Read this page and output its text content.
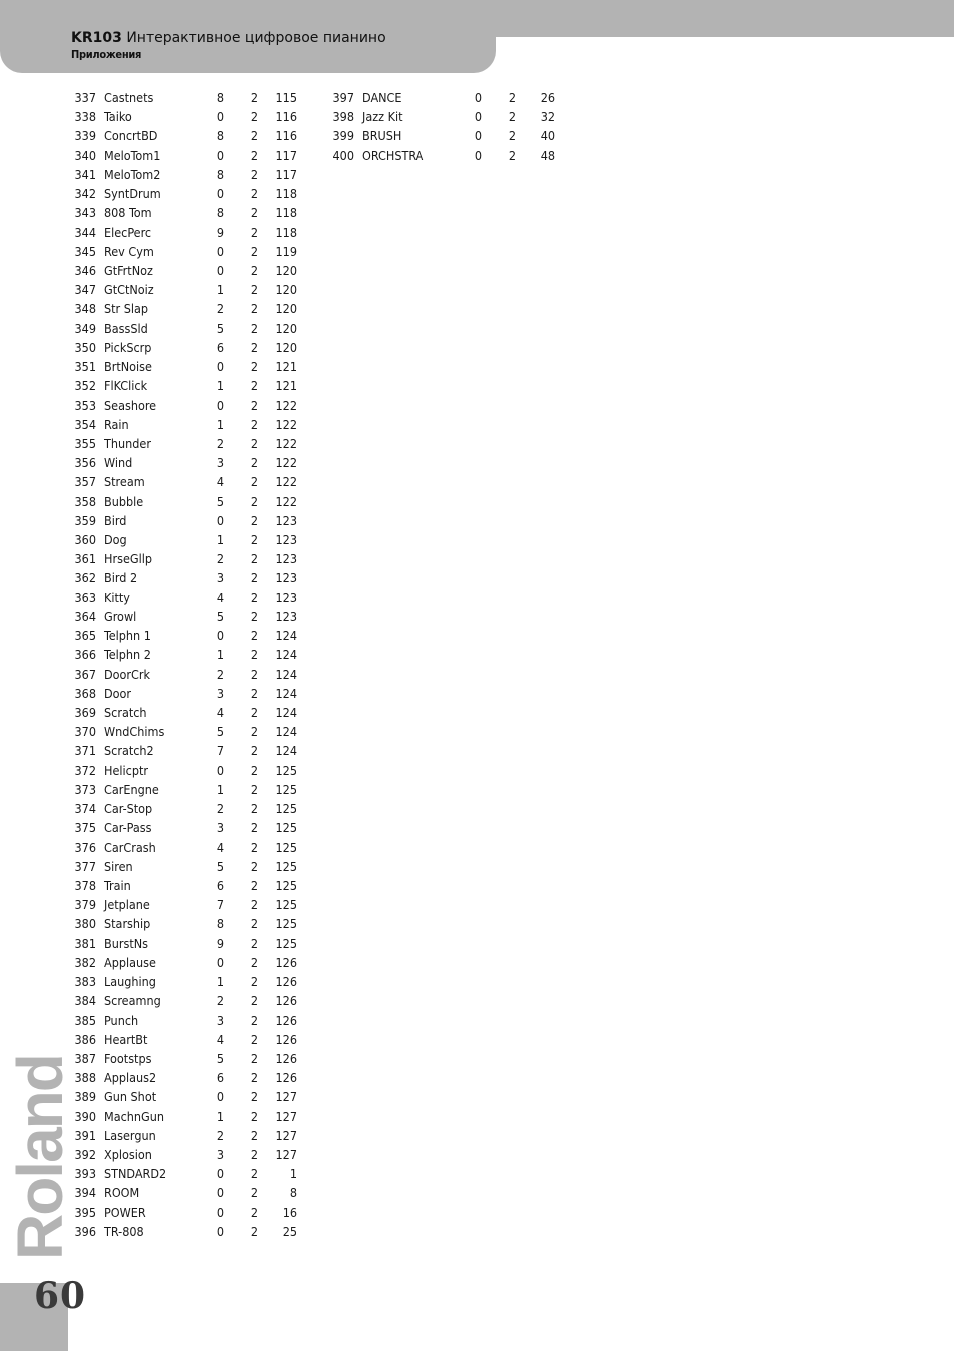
KR103 Интерактивное цифровое пианино
Приложения
337 Castnets	8	2	115
338 Taiko	0	2	116
339 ConcrtBD	8	2	116
340 MeloTom1	0	2	117
341 MeloTom2	8	2	117
342 SyntDrum	0	2	118
343 808 Tom	8	2	118
344 ElecPerc	9	2	118
345 Rev Cym	0	2	119
346 GtFrtNoz	0	2	120
347 GtCtNoiz	1	2	120
348 Str Slap	2	2	120
349 BassSld	5	2	120
350 PickScrp	6	2	120
351 BrtNoise	0	2	121
352 FlKClick	1	2	121
353 Seashore	0	2	122
354 Rain	1	2	122
355 Thunder	2	2	122
356 Wind	3	2	122
357 Stream	4	2	122
358 Bubble	5	2	122
359 Bird	0	2	123
360 Dog	1	2	123
361 HrseGllp	2	2	123
362 Bird 2	3	2	123
363 Kitty	4	2	123
364 Growl	5	2	123
365 Telphn 1	0	2	124
366 Telphn 2	1	2	124
367 DoorCrk	2	2	124
368 Door	3	2	124
369 Scratch	4	2	124
370 WndChims	5	2	124
371 Scratch2	7	2	124
372 Helicptr	0	2	125
373 CarEngne	1	2	125
374 Car-Stop	2	2	125
375 Car-Pass	3	2	125
376 CarCrash	4	2	125
377 Siren	5	2	125
378 Train	6	2	125
379 Jetplane	7	2	125
380 Starship	8	2	125
381 BurstNs	9	2	125
382 Applause	0	2	126
383 Laughing	1	2	126
384 Screamng	2	2	126
385 Punch	3	2	126
386 HeartBt	4	2	126
387 Footstps	5	2	126
388 Applaus2	6	2	126
389 Gun Shot	0	2	127
390 MachnGun	1	2	127
391 Lasergun	2	2	127
392 Xplosion	3	2	127
393 STNDARD2	0	2	1
394 ROOM	0	2	8
395 POWER	0	2	16
396 TR-808	0	2	25
397 DANCE	0	2	26
398 Jazz Kit	0	2	32
399 BRUSH	0	2	40
400 ORCHSTRA	0	2	48
Roland
60
